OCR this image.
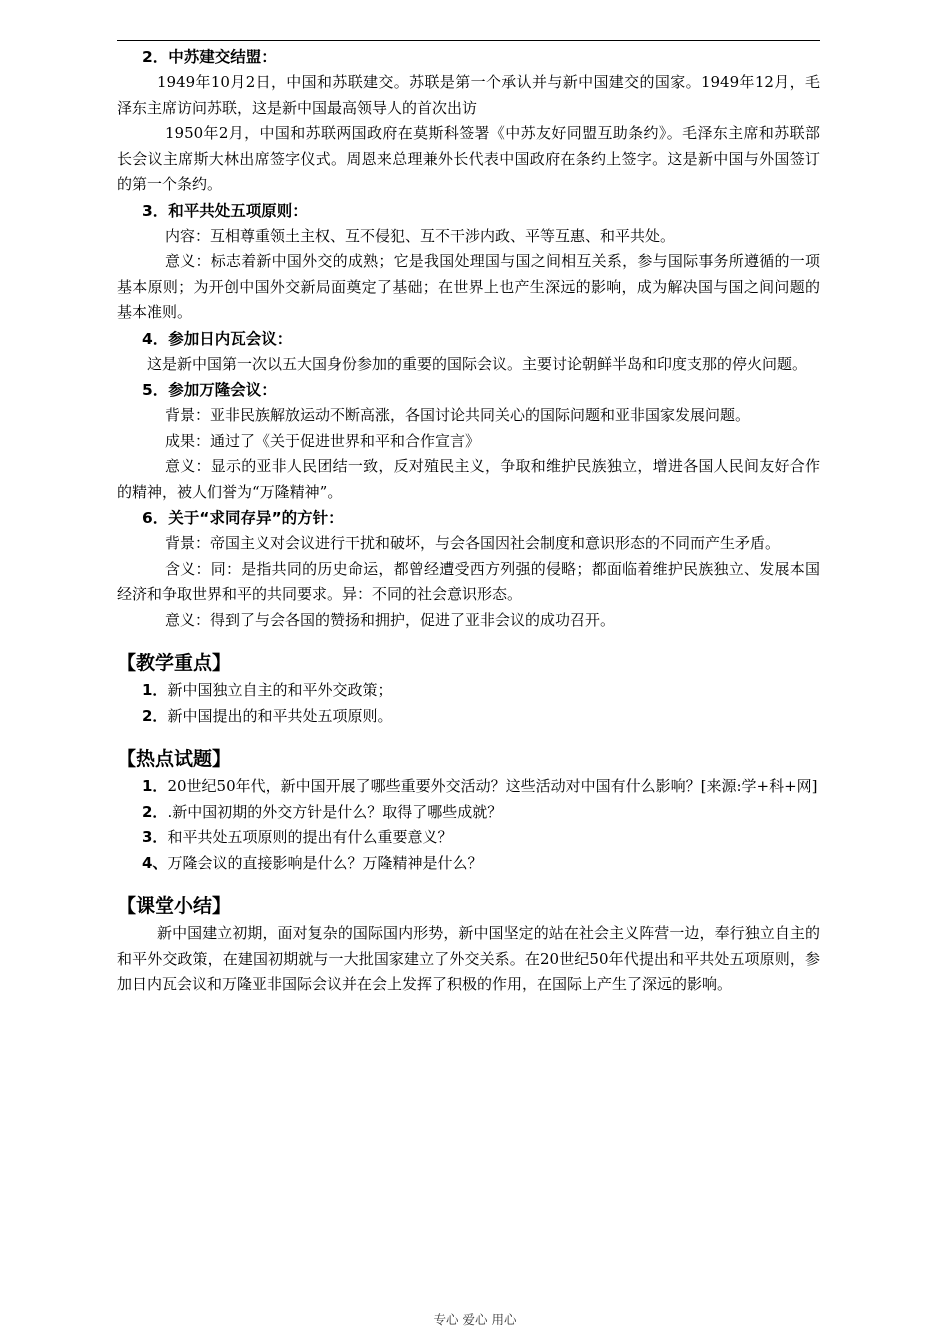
2．中苏建交结盟：
1949年10月2日，中国和苏联建交。苏联是第一个承认并与新中国建交的国家。1949年12月，毛泽东主席访问苏联，这是新中国最高领导人的首次出访
1950年2月，中国和苏联两国政府在莫斯科签署《中苏友好同盟互助条约》。毛泽东主席和苏联部长会议主席斯大林出席签字仪式。周恩来总理兼外长代表中国政府在条约上签字。这是新中国与外国签订的第一个条约。
3．和平共处五项原则：
内容：互相尊重领土主权、互不侵犯、互不干涉内政、平等互惠、和平共处。
意义：标志着新中国外交的成熟；它是我国处理国与国之间相互关系，参与国际事务所遵循的一项基本原则；为开创中国外交新局面奠定了基础；在世界上也产生深远的影响，成为解决国与国之间问题的基本准则。
4．参加日内瓦会议：
这是新中国第一次以五大国身份参加的重要的国际会议。主要讨论朝鲜半岛和印度支那的停火问题。
5．参加万隆会议：
背景：亚非民族解放运动不断高涨，各国讨论共同关心的国际问题和亚非国家发展问题。
成果：通过了《关于促进世界和平和合作宣言》
意义：显示的亚非人民团结一致，反对殖民主义，争取和维护民族独立，增进各国人民间友好合作的精神，被人们誉为“万隆精神”。
6．关于“求同存异”的方针：
背景：帝国主义对会议进行干扰和破坏，与会各国因社会制度和意识形态的不同而产生矛盾。
含义：同：是指共同的历史命运，都曾经遭受西方列强的侵略；都面临着维护民族独立、发展本国经济和争取世界和平的共同要求。异：不同的社会意识形态。
意义：得到了与会各国的赞扬和拥护，促进了亚非会议的成功召开。
【教学重点】
1．新中国独立自主的和平外交政策；
2．新中国提出的和平共处五项原则。
【热点试题】
1．20世纪50年代，新中国开展了哪些重要外交活动？这些活动对中国有什么影响？[来源:学+科+网]
2．.新中国初期的外交方针是什么？取得了哪些成就？
3．和平共处五项原则的提出有什么重要意义？
4、万隆会议的直接影响是什么？万隆精神是什么？
【课堂小结】
新中国建立初期，面对复杂的国际国内形势，新中国坚定的站在社会主义阵营一边，奉行独立自主的和平外交政策，在建国初期就与一大批国家建立了外交关系。在20世纪50年代提出和平共处五项原则，参加日内瓦会议和万隆亚非国际会议并在会上发挥了积极的作用，在国际上产生了深远的影响。
专心 爱心 用心
